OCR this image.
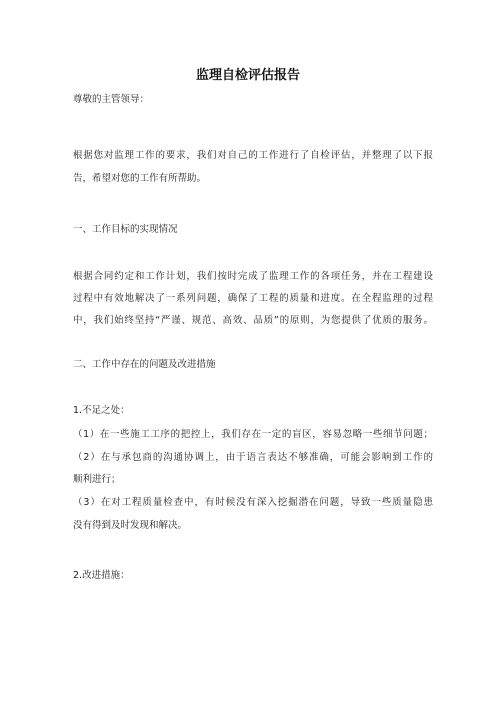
监理自检评估报告
尊敬的主管领导：
根据您对监理工作的要求，我们对自己的工作进行了自检评估，并整理了以下报
告，希望对您的工作有所帮助。
一、工作目标的实现情况
根据合同约定和工作计划，我们按时完成了监理工作的各项任务，并在工程建设
过程中有效地解决了一系列问题，确保了工程的质量和进度。在全程监理的过程
中，我们始终坚持“严谨、规范、高效、品质”的原则，为您提供了优质的服务。
二、工作中存在的问题及改进措施
1.不足之处：
（1）在一些施工工序的把控上，我们存在一定的盲区，容易忽略一些细节问题；
（2）在与承包商的沟通协调上，由于语言表达不够准确，可能会影响到工作的
顺利进行；
（3）在对工程质量检查中，有时候没有深入挖掘潜在问题，导致一些质量隐患
没有得到及时发现和解决。
2.改进措施：
